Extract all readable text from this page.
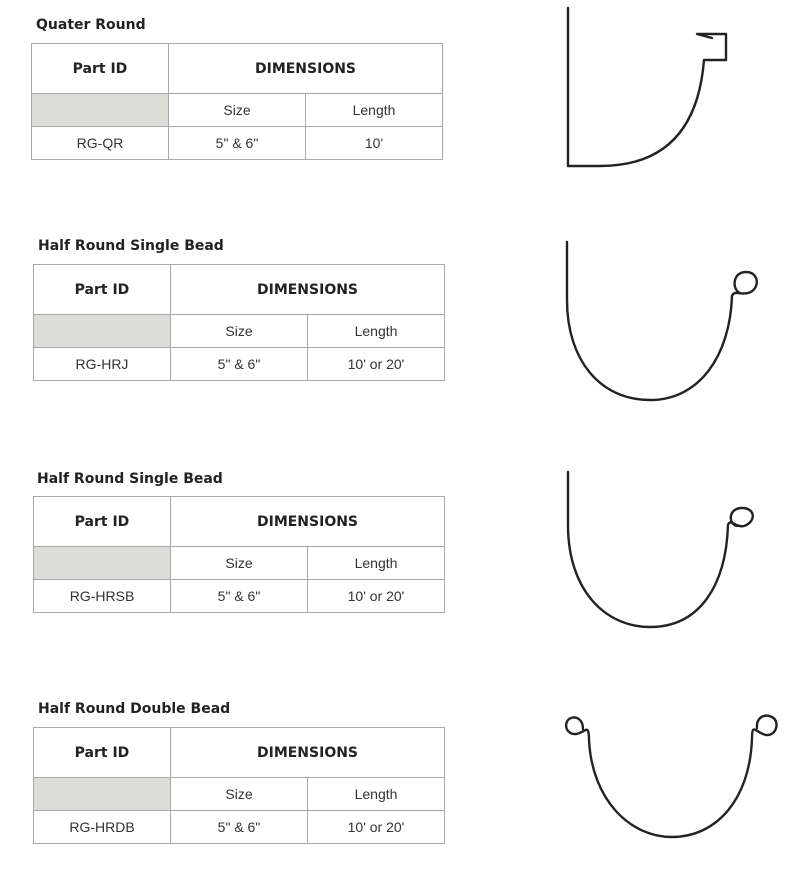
Quater Round
Part ID	DIMENSIONS	
	Size	Length
RG-QR	5" & 6"	10'
Half Round Single Bead
Part ID	DIMENSIONS	
	Size	Length
RG-HRJ	5" & 6"	10' or 20'
Half Round Single Bead
Part ID	DIMENSIONS	
	Size	Length
RG-HRSB	5" & 6"	10' or 20'
Half Round Double Bead
Part ID	DIMENSIONS	
	Size	Length
RG-HRDB	5" & 6"	10' or 20'
